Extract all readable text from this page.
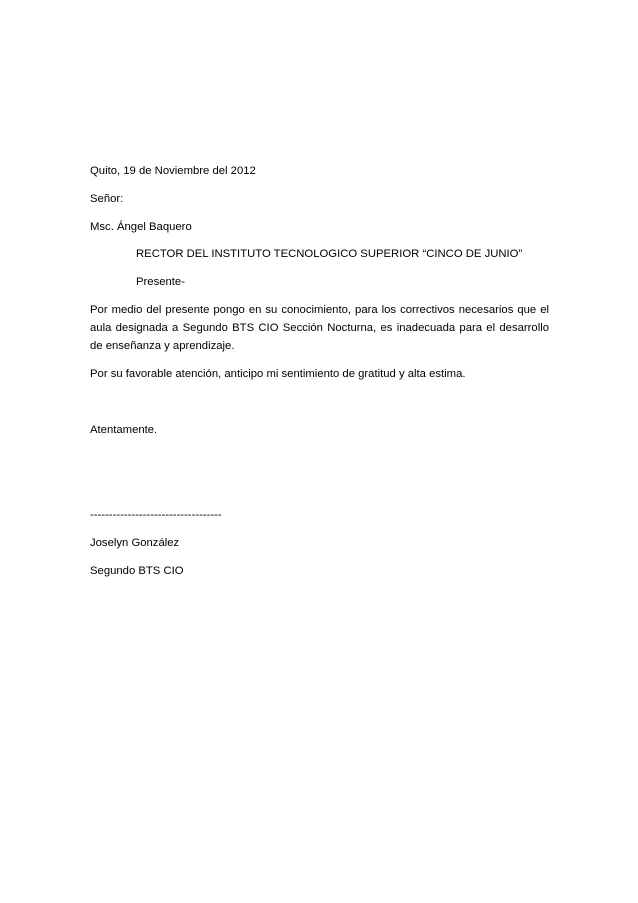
Quito, 19 de Noviembre del 2012

Señor:

Msc. Ángel Baquero

RECTOR DEL INSTITUTO TECNOLOGICO SUPERIOR “CINCO DE JUNIO”

Presente-

Por medio del presente pongo en su conocimiento, para los correctivos necesarios que el aula designada a Segundo BTS CIO Sección Nocturna, es inadecuada para el desarrollo de enseñanza y aprendizaje.

Por su favorable atención, anticipo mi sentimiento de gratitud y alta estima.

Atentamente.

-----------------------------------

Joselyn González

Segundo BTS CIO
